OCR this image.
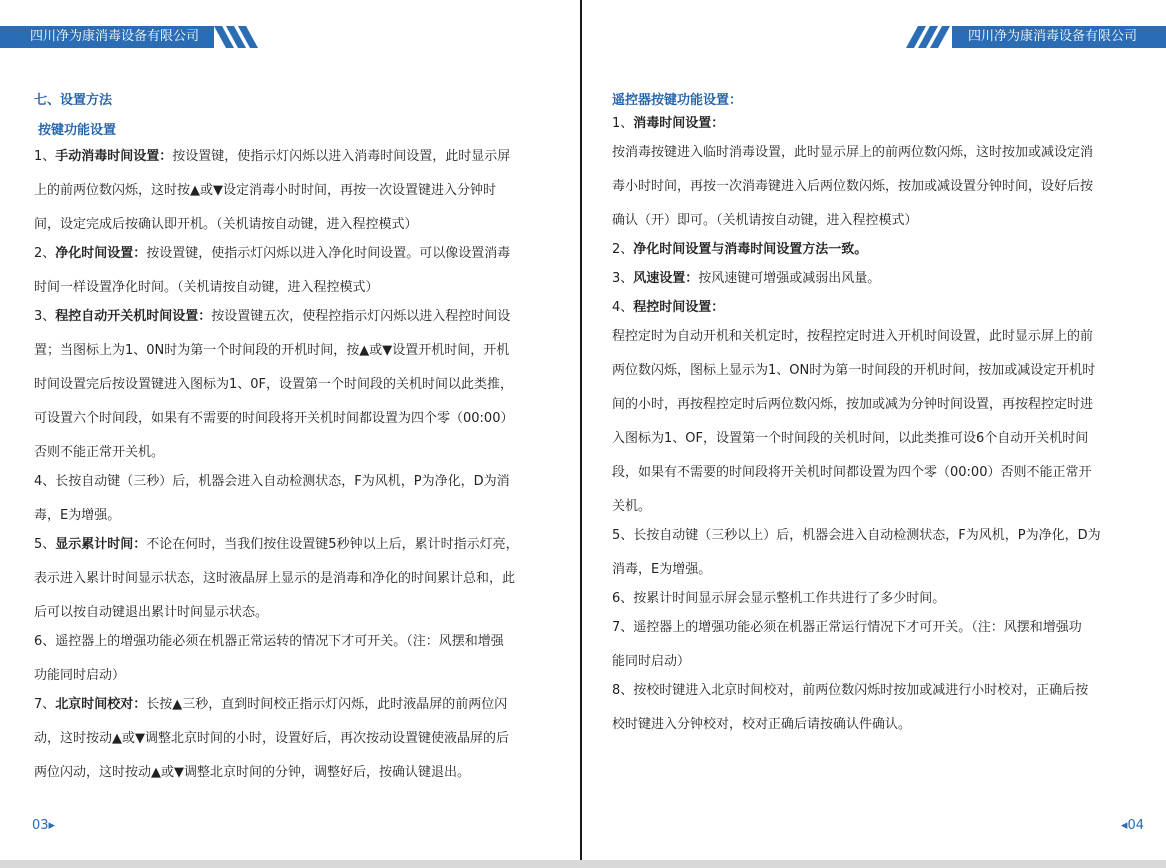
四川净为康消毒设备有限公司
七、设置方法
按键功能设置
1、手动消毒时间设置：按设置键，使指示灯闪烁以进入消毒时间设置，此时显示屏
上的前两位数闪烁，这时按▲或▼设定消毒小时时间，再按一次设置键进入分钟时
间，设定完成后按确认即开机。（关机请按自动键，进入程控模式）
2、净化时间设置：按设置键，使指示灯闪烁以进入净化时间设置。可以像设置消毒
时间一样设置净化时间。（关机请按自动键，进入程控模式）
3、程控自动开关机时间设置：按设置键五次，使程控指示灯闪烁以进入程控时间设
置；当图标上为1、0N时为第一个时间段的开机时间，按▲或▼设置开机时间，开机
时间设置完后按设置键进入图标为1、0F，设置第一个时间段的关机时间以此类推，
可设置六个时间段，如果有不需要的时间段将开关机时间都设置为四个零（00:00）
否则不能正常开关机。
4、长按自动键（三秒）后，机器会进入自动检测状态，F为风机，P为净化，D为消
毒，E为增强。
5、显示累计时间：不论在何时，当我们按住设置键5秒钟以上后，累计时指示灯亮，
表示进入累计时间显示状态，这时液晶屏上显示的是消毒和净化的时间累计总和，此
后可以按自动键退出累计时间显示状态。
6、遥控器上的增强功能必须在机器正常运转的情况下才可开关。（注：风摆和增强
功能同时启动）
7、北京时间校对：长按▲三秒，直到时间校正指示灯闪烁，此时液晶屏的前两位闪
动，这时按动▲或▼调整北京时间的小时，设置好后，再次按动设置键使液晶屏的后
两位闪动，这时按动▲或▼调整北京时间的分钟，调整好后，按确认键退出。
03▸
四川净为康消毒设备有限公司
遥控器按键功能设置：
1、消毒时间设置：
按消毒按键进入临时消毒设置，此时显示屏上的前两位数闪烁，这时按加或减设定消
毒小时时间，再按一次消毒键进入后两位数闪烁，按加或减设置分钟时间，设好后按
确认（开）即可。（关机请按自动键，进入程控模式）
2、净化时间设置与消毒时间设置方法一致。
3、风速设置：按风速键可增强或减弱出风量。
4、程控时间设置：
程控定时为自动开机和关机定时，按程控定时进入开机时间设置，此时显示屏上的前
两位数闪烁，图标上显示为1、ON时为第一时间段的开机时间，按加或减设定开机时
间的小时，再按程控定时后两位数闪烁，按加或减为分钟时间设置，再按程控定时进
入图标为1、OF，设置第一个时间段的关机时间，以此类推可设6个自动开关机时间
段，如果有不需要的时间段将开关机时间都设置为四个零（00:00）否则不能正常开
关机。
5、长按自动键（三秒以上）后，机器会进入自动检测状态，F为风机，P为净化，D为
消毒，E为增强。
6、按累计时间显示屏会显示整机工作共进行了多少时间。
7、遥控器上的增强功能必须在机器正常运行情况下才可开关。（注：风摆和增强功
能同时启动）
8、按校时键进入北京时间校对，前两位数闪烁时按加或减进行小时校对，正确后按
校时键进入分钟校对，校对正确后请按确认件确认。
◂04
